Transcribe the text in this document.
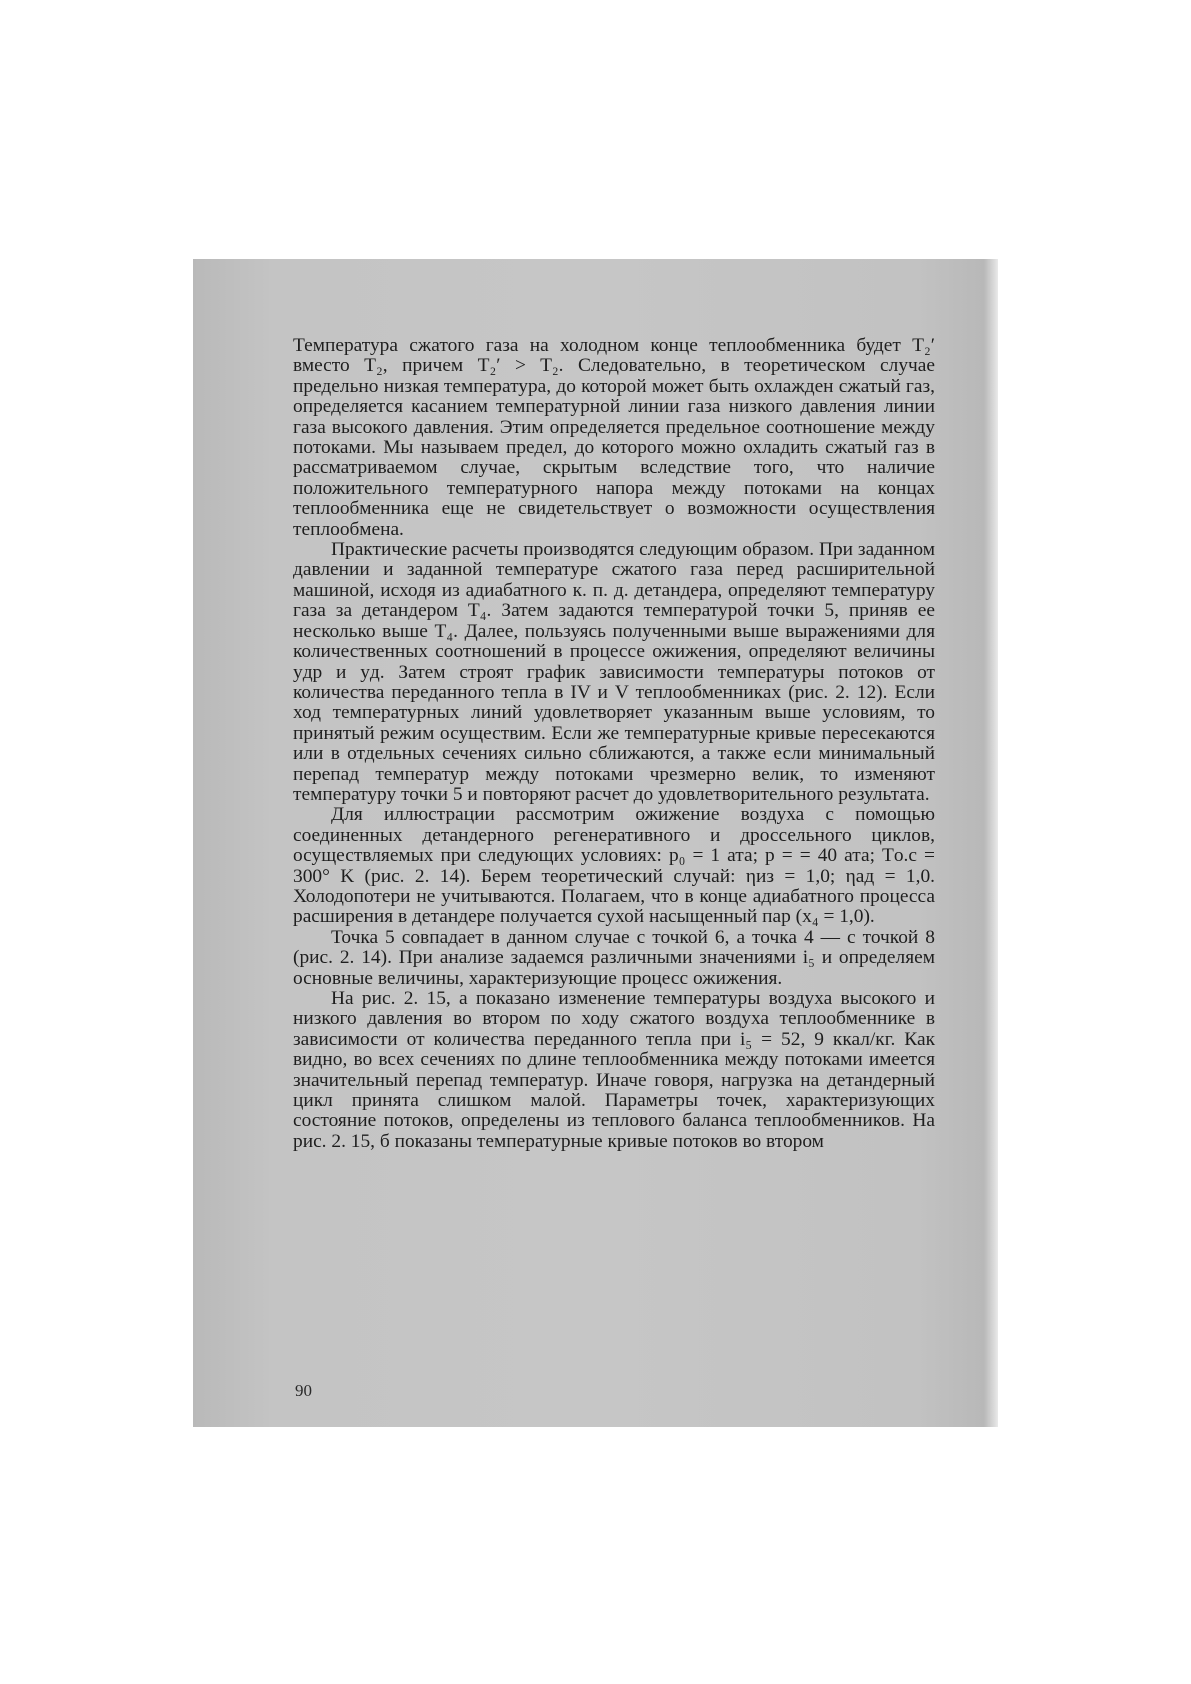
Температура сжатого газа на холодном конце теплообменника будет T₂′ вместо T₂, причем T₂′ > T₂. Следовательно, в теоретическом случае предельно низкая температура, до которой может быть охлажден сжатый газ, определяется касанием температурной линии газа низкого давления линии газа высокого давления. Этим определяется предельное соотношение между потоками. Мы называем предел, до которого можно охладить сжатый газ в рассматриваемом случае, скрытым вследствие того, что наличие положительного температурного напора между потоками на концах теплообменника еще не свидетельствует о возможности осуществления теплообмена.

Практические расчеты производятся следующим образом. При заданном давлении и заданной температуре сжатого газа перед расширительной машиной, исходя из адиабатного к. п. д. детандера, определяют температуру газа за детандером T₄. Затем задаются температурой точки 5, приняв ее несколько выше T₄. Далее, пользуясь полученными выше выражениями для количественных соотношений в процессе ожижения, определяют величины yдр и yд. Затем строят график зависимости температуры потоков от количества переданного тепла в IV и V теплообменниках (рис. 2. 12). Если ход температурных линий удовлетворяет указанным выше условиям, то принятый режим осуществим. Если же температурные кривые пересекаются или в отдельных сечениях сильно сближаются, а также если минимальный перепад температур между потоками чрезмерно велик, то изменяют температуру точки 5 и повторяют расчет до удовлетворительного результата.

Для иллюстрации рассмотрим ожижение воздуха с помощью соединенных детандерного регенеративного и дроссельного циклов, осуществляемых при следующих условиях: p₀ = 1 ата; p = = 40 ата; Tо.с = 300° K (рис. 2. 14). Берем теоретический случай: ηиз = 1,0; ηад = 1,0. Холодопотери не учитываются. Полагаем, что в конце адиабатного процесса расширения в детандере получается сухой насыщенный пар (x₄ = 1,0).

Точка 5 совпадает в данном случае с точкой 6, а точка 4 — с точкой 8 (рис. 2. 14). При анализе задаемся различными значениями i₅ и определяем основные величины, характеризующие процесс ожижения.

На рис. 2. 15, а показано изменение температуры воздуха высокого и низкого давления во втором по ходу сжатого воздуха теплообменнике в зависимости от количества переданного тепла при i₅ = 52, 9 ккал/кг. Как видно, во всех сечениях по длине теплообменника между потоками имеется значительный перепад температур. Иначе говоря, нагрузка на детандерный цикл принята слишком малой. Параметры точек, характеризующих состояние потоков, определены из теплового баланса теплообменников. На рис. 2. 15, б показаны температурные кривые потоков во втором

90
